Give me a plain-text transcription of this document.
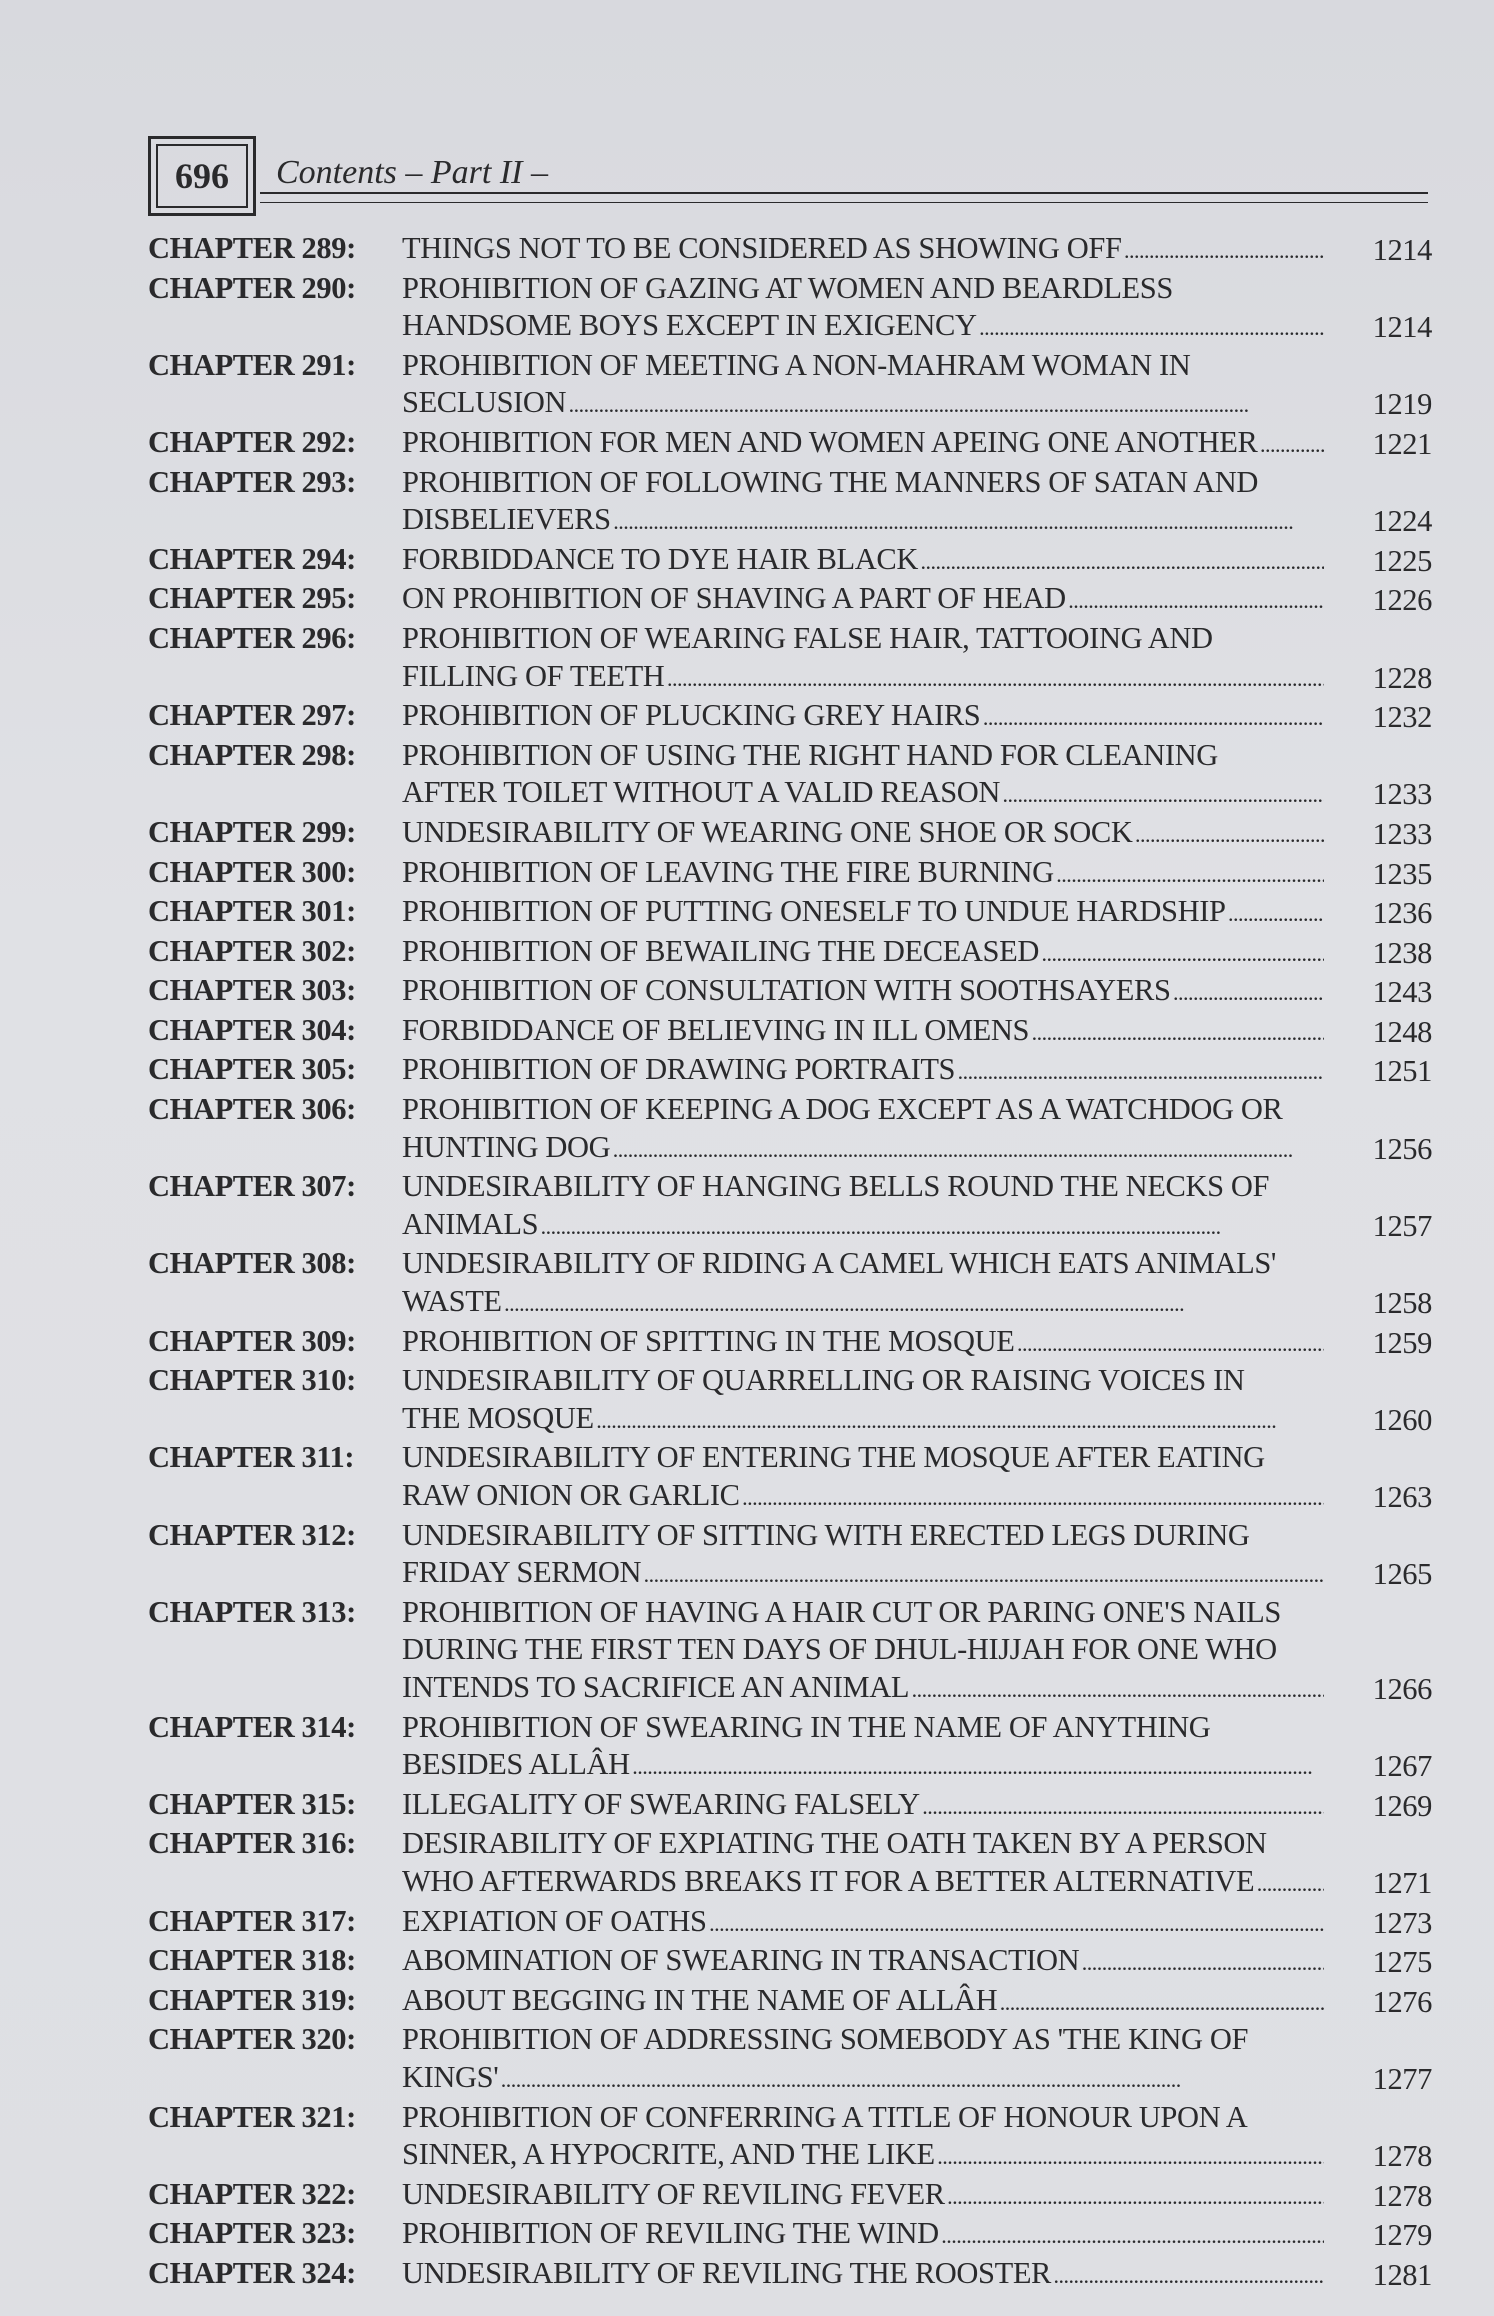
696	Contents – Part II –
CHAPTER 289: THINGS NOT TO BE CONSIDERED AS SHOWING OFF . . .	1214
CHAPTER 290: PROHIBITION OF GAZING AT WOMEN AND BEARDLESS
HANDSOME BOYS EXCEPT IN EXIGENCY . . .	1214
CHAPTER 291: PROHIBITION OF MEETING A NON-MAHRAM WOMAN IN
SECLUSION . . .	1219
CHAPTER 292: PROHIBITION FOR MEN AND WOMEN APEING ONE ANOTHER . . .	1221
CHAPTER 293: PROHIBITION OF FOLLOWING THE MANNERS OF SATAN AND
DISBELIEVERS . . .	1224
CHAPTER 294: FORBIDDANCE TO DYE HAIR BLACK . . .	1225
CHAPTER 295: ON PROHIBITION OF SHAVING A PART OF HEAD . . .	1226
CHAPTER 296: PROHIBITION OF WEARING FALSE HAIR, TATTOOING AND
FILLING OF TEETH . . .	1228
CHAPTER 297: PROHIBITION OF PLUCKING GREY HAIRS . . .	1232
CHAPTER 298: PROHIBITION OF USING THE RIGHT HAND FOR CLEANING
AFTER TOILET WITHOUT A VALID REASON . . .	1233
CHAPTER 299: UNDESIRABILITY OF WEARING ONE SHOE OR SOCK . . .	1233
CHAPTER 300: PROHIBITION OF LEAVING THE FIRE BURNING . . .	1235
CHAPTER 301: PROHIBITION OF PUTTING ONESELF TO UNDUE HARDSHIP . . .	1236
CHAPTER 302: PROHIBITION OF BEWAILING THE DECEASED . . .	1238
CHAPTER 303: PROHIBITION OF CONSULTATION WITH SOOTHSAYERS . . .	1243
CHAPTER 304: FORBIDDANCE OF BELIEVING IN ILL OMENS . . .	1248
CHAPTER 305: PROHIBITION OF DRAWING PORTRAITS . . .	1251
CHAPTER 306: PROHIBITION OF KEEPING A DOG EXCEPT AS A WATCHDOG OR
HUNTING DOG . . .	1256
CHAPTER 307: UNDESIRABILITY OF HANGING BELLS ROUND THE NECKS OF
ANIMALS . . .	1257
CHAPTER 308: UNDESIRABILITY OF RIDING A CAMEL WHICH EATS ANIMALS'
WASTE . . .	1258
CHAPTER 309: PROHIBITION OF SPITTING IN THE MOSQUE . . .	1259
CHAPTER 310: UNDESIRABILITY OF QUARRELLING OR RAISING VOICES IN
THE MOSQUE . . .	1260
CHAPTER 311: UNDESIRABILITY OF ENTERING THE MOSQUE AFTER EATING
RAW ONION OR GARLIC . . .	1263
CHAPTER 312: UNDESIRABILITY OF SITTING WITH ERECTED LEGS DURING
FRIDAY SERMON . . .	1265
CHAPTER 313: PROHIBITION OF HAVING A HAIR CUT OR PARING ONE'S NAILS
DURING THE FIRST TEN DAYS OF DHUL-HIJJAH FOR ONE WHO
INTENDS TO SACRIFICE AN ANIMAL . . .	1266
CHAPTER 314: PROHIBITION OF SWEARING IN THE NAME OF ANYTHING
BESIDES ALLÂH . . .	1267
CHAPTER 315: ILLEGALITY OF SWEARING FALSELY . . .	1269
CHAPTER 316: DESIRABILITY OF EXPIATING THE OATH TAKEN BY A PERSON
WHO AFTERWARDS BREAKS IT FOR A BETTER ALTERNATIVE . . .	1271
CHAPTER 317: EXPIATION OF OATHS . . .	1273
CHAPTER 318: ABOMINATION OF SWEARING IN TRANSACTION . . .	1275
CHAPTER 319: ABOUT BEGGING IN THE NAME OF ALLÂH . . .	1276
CHAPTER 320: PROHIBITION OF ADDRESSING SOMEBODY AS 'THE KING OF
KINGS' . . .	1277
CHAPTER 321: PROHIBITION OF CONFERRING A TITLE OF HONOUR UPON A
SINNER, A HYPOCRITE, AND THE LIKE . . .	1278
CHAPTER 322: UNDESIRABILITY OF REVILING FEVER . . .	1278
CHAPTER 323: PROHIBITION OF REVILING THE WIND . . .	1279
CHAPTER 324: UNDESIRABILITY OF REVILING THE ROOSTER . . .	1281
